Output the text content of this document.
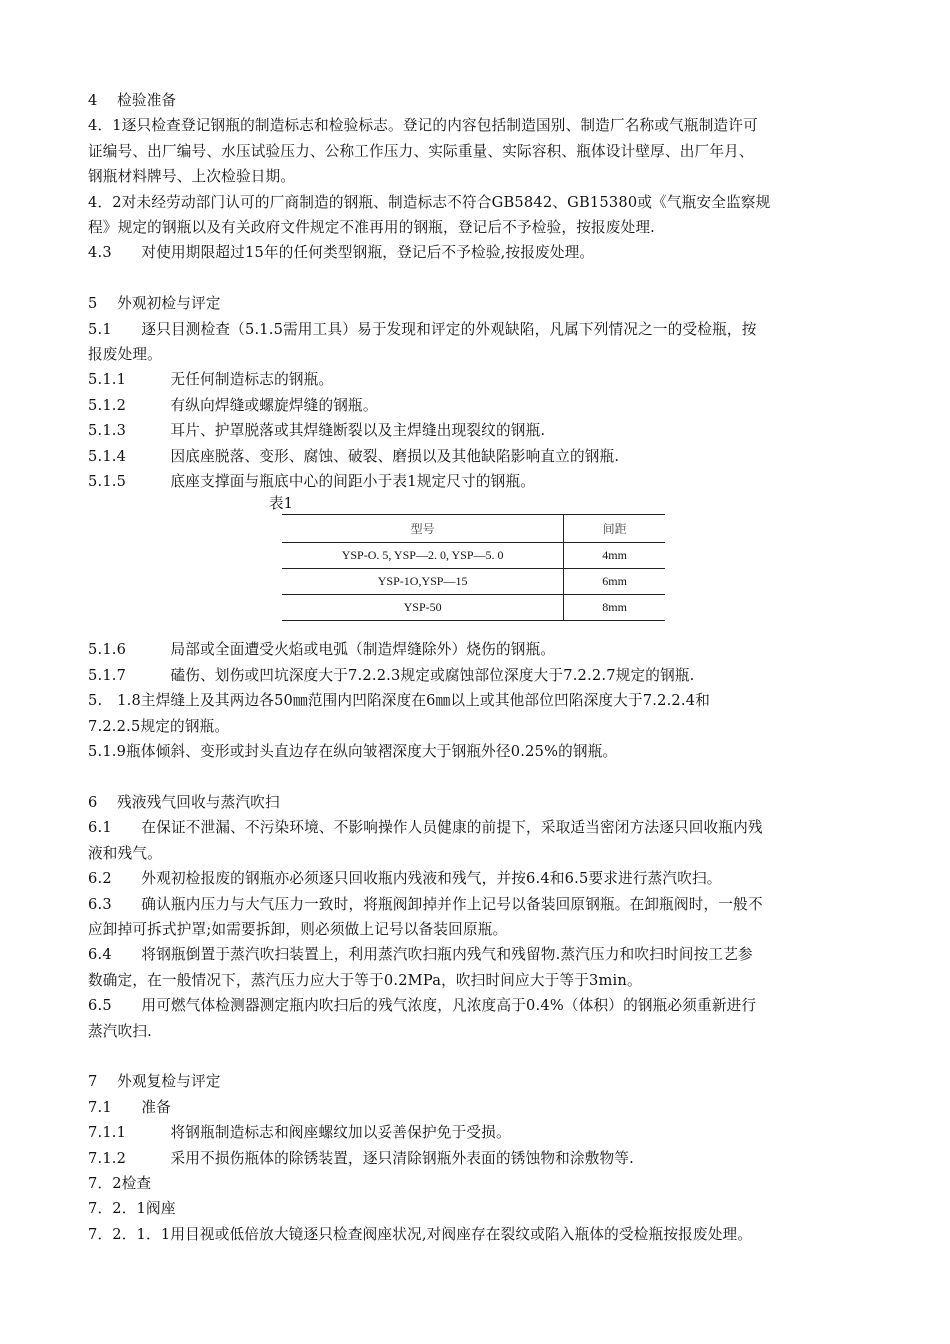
4　 检验准备
4．1逐只检查登记钢瓶的制造标志和检验标志。登记的内容包括制造国别、制造厂名称或气瓶制造许可
证编号、出厂编号、水压试验压力、公称工作压力、实际重量、实际容积、瓶体设计壁厚、出厂年月、
钢瓶材料牌号、上次检验日期。
4．2对未经劳动部门认可的厂商制造的钢瓶、制造标志不符合GB5842、GB15380或《气瓶安全监察规
程》规定的钢瓶以及有关政府文件规定不准再用的钢瓶，登记后不予检验，按报废处理.
4.3　　对使用期限超过15年的任何类型钢瓶，登记后不予检验,按报废处理。
5　 外观初检与评定
5.1　　逐只目测检查（5.1.5需用工具）易于发现和评定的外观缺陷，凡属下列情况之一的受检瓶，按
报废处理。
5.1.1　　　无任何制造标志的钢瓶。
5.1.2　　　有纵向焊缝或螺旋焊缝的钢瓶。
5.1.3　　　耳片、护罩脱落或其焊缝断裂以及主焊缝出现裂纹的钢瓶.
5.1.4　　　因底座脱落、变形、腐蚀、破裂、磨损以及其他缺陷影响直立的钢瓶.
5.1.5　　　底座支撑面与瓶底中心的间距小于表1规定尺寸的钢瓶。
表1
型号	间距
YSP-O. 5, YSP—2. 0, YSP—5. 0	4mm
YSP-1O,YSP—15	6mm
YSP-50	8mm
5.1.6　　　局部或全面遭受火焰或电弧（制造焊缝除外）烧伤的钢瓶。
5.1.7　　　磕伤、划伤或凹坑深度大于7.2.2.3规定或腐蚀部位深度大于7.2.2.7规定的钢瓶.
5.　1.8主焊缝上及其两边各50㎜范围内凹陷深度在6㎜以上或其他部位凹陷深度大于7.2.2.4和
7.2.2.5规定的钢瓶。
5.1.9瓶体倾斜、变形或封头直边存在纵向皱褶深度大于钢瓶外径0.25%的钢瓶。
6　 残液残气回收与蒸汽吹扫
6.1　　在保证不泄漏、不污染环境、不影响操作人员健康的前提下，采取适当密闭方法逐只回收瓶内残
液和残气。
6.2　　外观初检报废的钢瓶亦必须逐只回收瓶内残液和残气，并按6.4和6.5要求进行蒸汽吹扫。
6.3　　确认瓶内压力与大气压力一致时，将瓶阀卸掉并作上记号以备装回原钢瓶。在卸瓶阀时，一般不
应卸掉可拆式护罩;如需要拆卸，则必须做上记号以备装回原瓶。
6.4　　将钢瓶倒置于蒸汽吹扫装置上，利用蒸汽吹扫瓶内残气和残留物.蒸汽压力和吹扫时间按工艺参
数确定，在一般情况下，蒸汽压力应大于等于0.2MPa，吹扫时间应大于等于3min。
6.5　　用可燃气体检测器测定瓶内吹扫后的残气浓度，凡浓度高于0.4%（体积）的钢瓶必须重新进行
蒸汽吹扫.
7　 外观复检与评定
7.1　　准备
7.1.1　　　将钢瓶制造标志和阀座螺纹加以妥善保护免于受损。
7.1.2　　　采用不损伤瓶体的除锈装置，逐只清除钢瓶外表面的锈蚀物和涂敷物等.
7．2检查
7．2．1阀座
7．2．1．1用目视或低倍放大镜逐只检查阀座状况,对阀座存在裂纹或陷入瓶体的受检瓶按报废处理。
